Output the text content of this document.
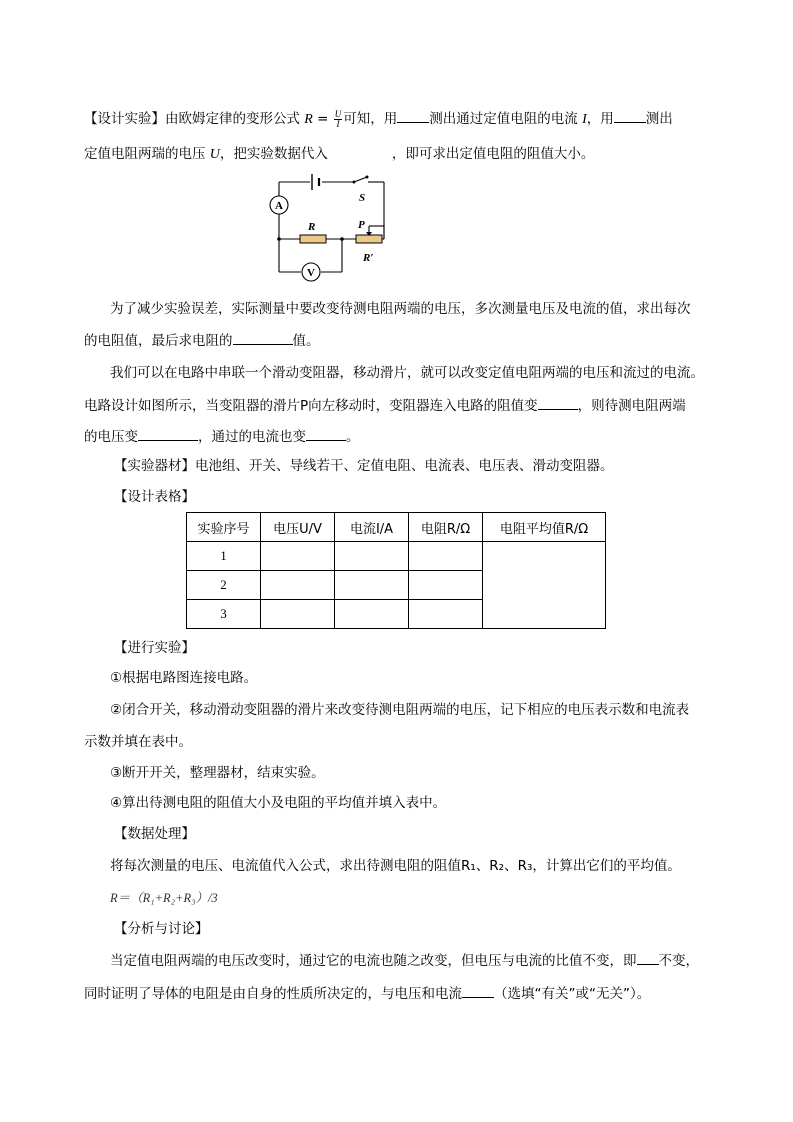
【设计实验】由欧姆定律的变形公式 $R = \frac{U}{I}$ 可知，用 测出通过定值电阻的电流 I，用 测出
定值电阻两瑞的电压 U，把实验数据代入	，即可求出定值电阻的阻值大小。
A
V
S
R	P
R′
为了减少实验误差，实际测量中要改变待测电阻两端的电压，多次测量电压及电流的值，求出每次
的电阻值，最后求电阻的	值。
我们可以在电路中串联一个滑动变阻器，移动滑片，就可以改变定值电阻两端的电压和流过的电流。
电路设计如图所示，当变阻器的滑片P向左移动时，变阻器连入电路的阻值变	，则待测电阻两端
的电压变	，通过的电流也变	。
【实验器材】电池组、开关、导线若干、定值电阻、电流表、电压表、滑动变阻器。
【设计表格】
实验序号	电压U/V	电流I/A	电阻R/Ω	电阻平均值R/Ω
1				
2				
3				
【进行实验】
①根据电路图连接电路。
②闭合开关，移动滑动变阻器的滑片来改变待测电阻两端的电压，记下相应的电压表示数和电流表
示数并填在表中。
③断开开关，整理器材，结束实验。
④算出待测电阻的阻值大小及电阻的平均值并填入表中。
【数据处理】
将每次测量的电压、电流值代入公式，求出待测电阻的阻值R₁、R₂、R₃，计算出它们的平均值。
R＝（R₁+R₂+R₃）/3
【分析与讨论】
当定值电阻两端的电压改变时，通过它的电流也随之改变，但电压与电流的比值不变，即 不变，
同时证明了导体的电阻是由自身的性质所决定的，与电压和电流 （选填“有关”或“无关”）。
